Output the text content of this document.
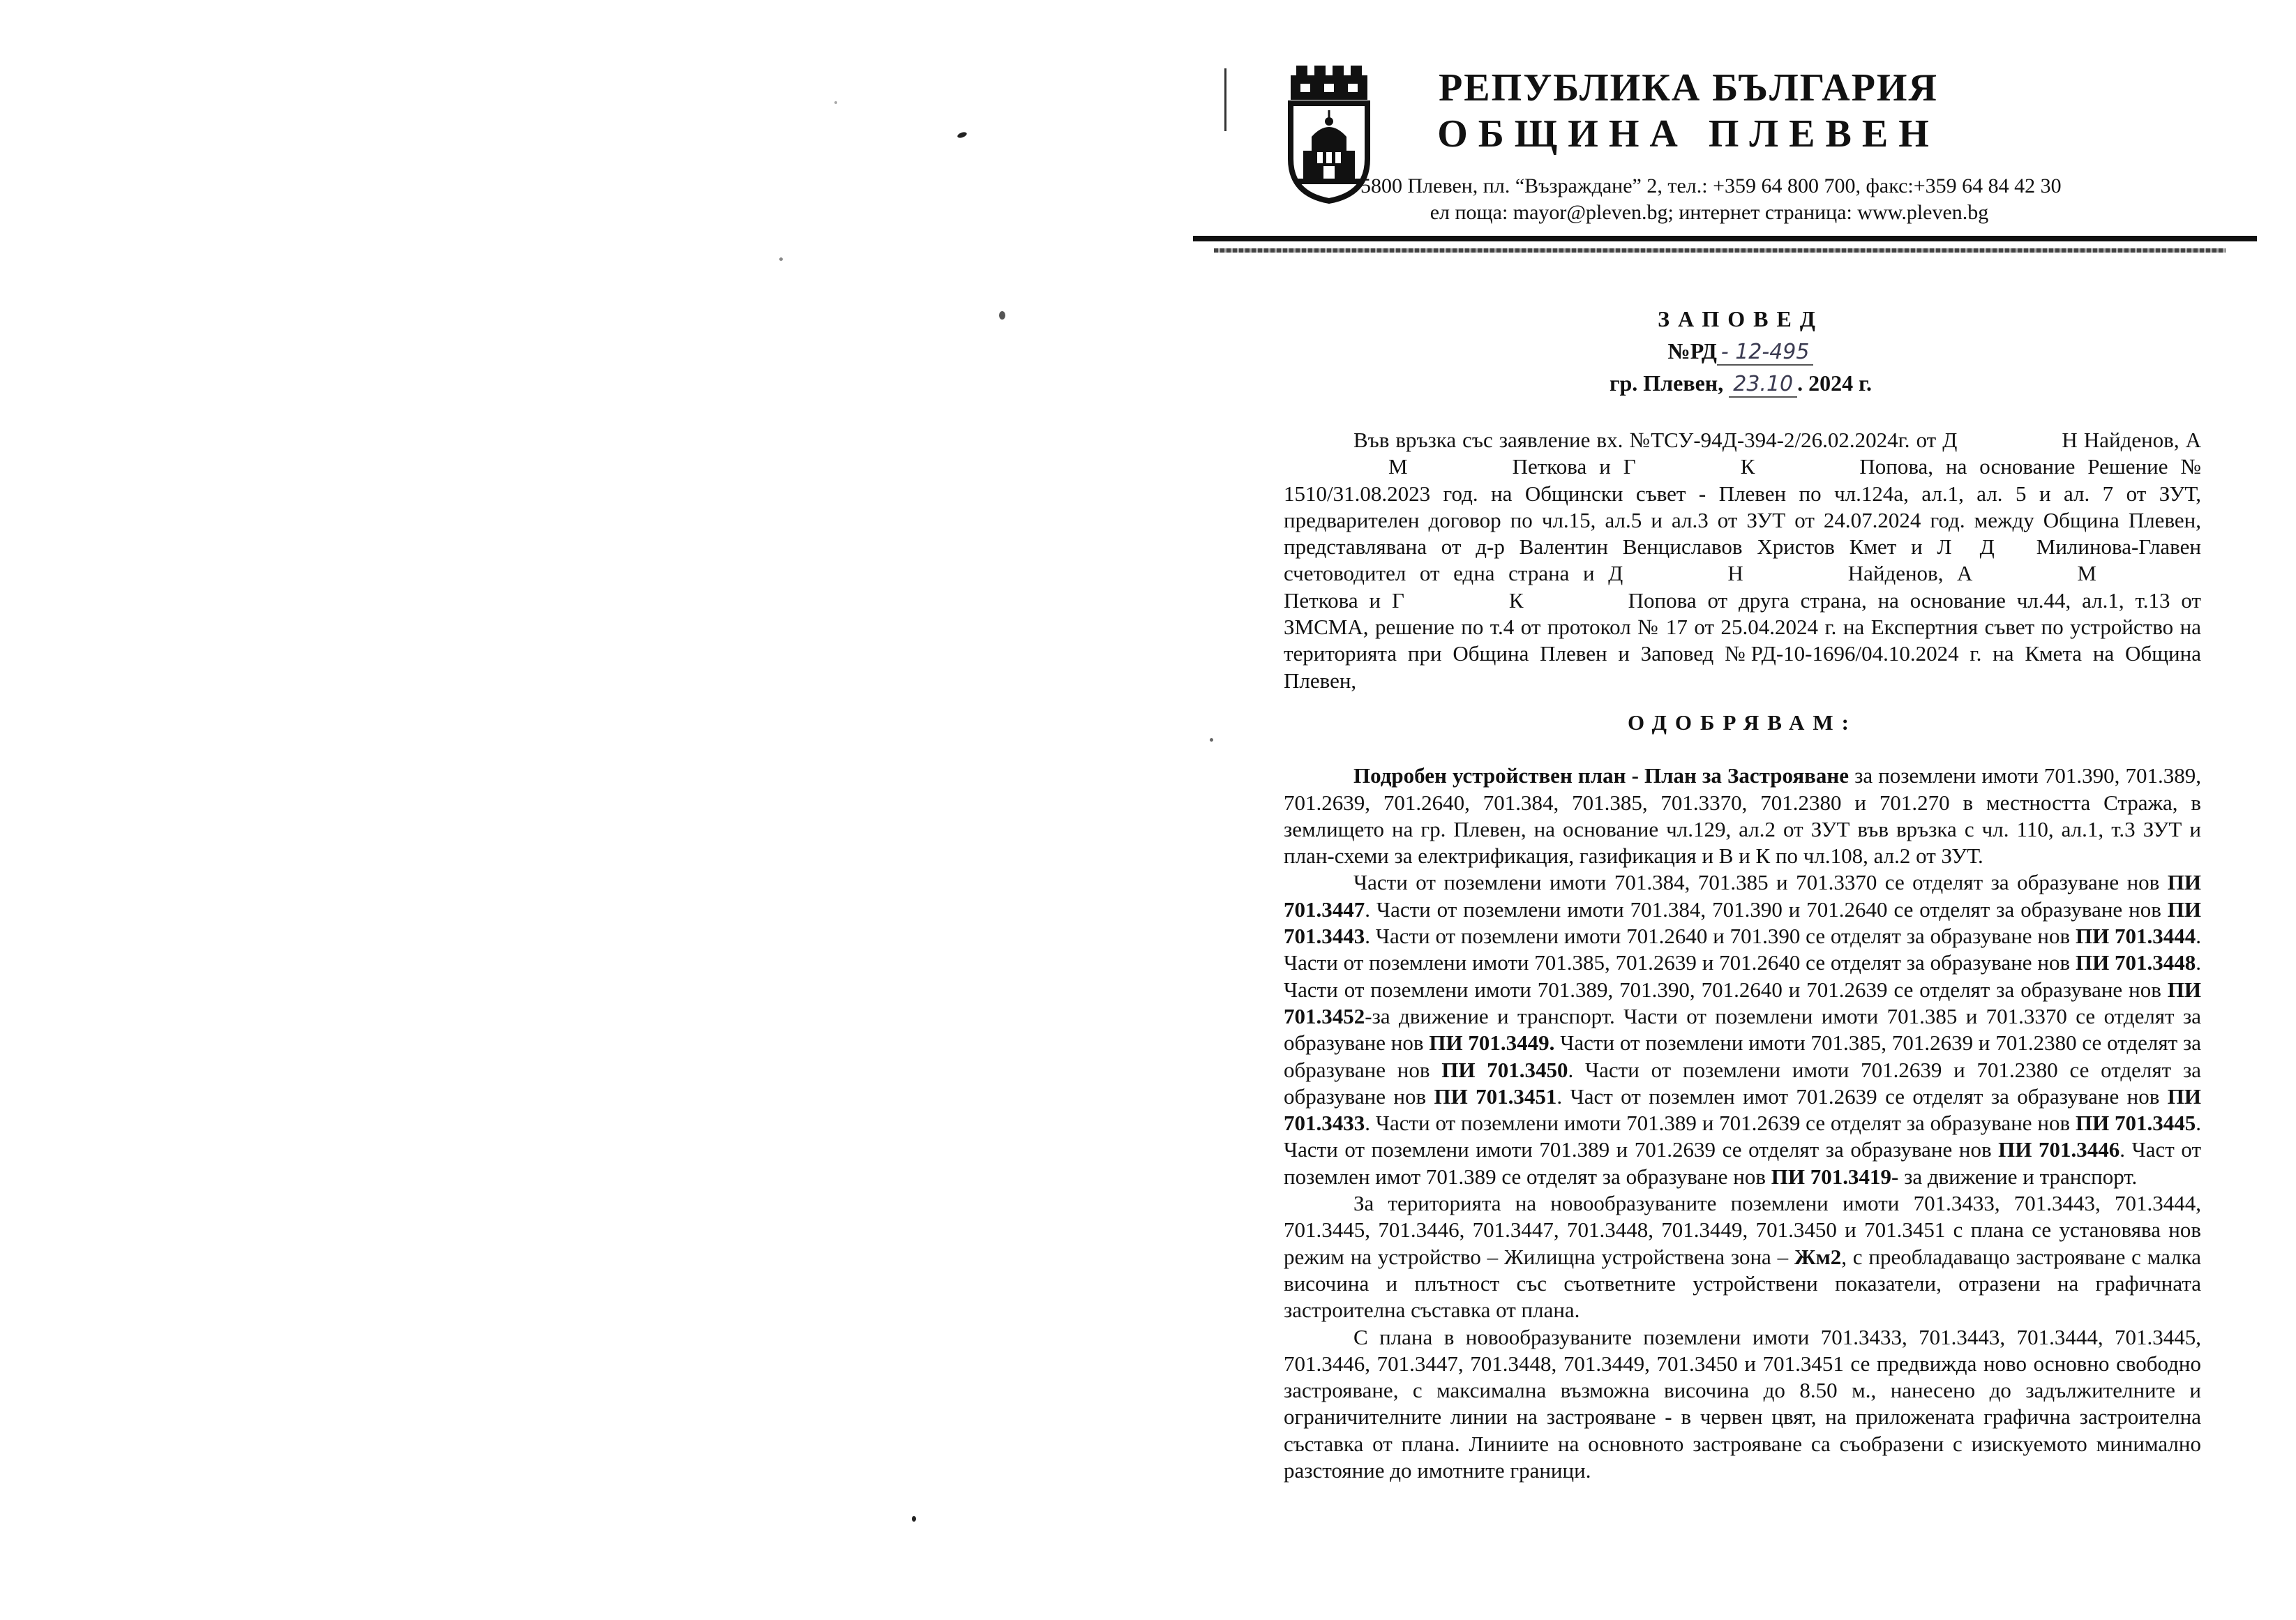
РЕПУБЛИКА БЪЛГАРИЯ
ОБЩИНА ПЛЕВЕН
5800 Плевен, пл. “Възраждане” 2, тел.: +359 64 800 700, факс:+359 64 84 42 30
ел поща: mayor@pleven.bg; интернет страница: www.pleven.bg
ЗАПОВЕД
№РД - 12-495
гр. Плевен, 23.10 . 2024 г.

Във връзка със заявление вх. №ТСУ-94Д-394-2/26.02.2024г. от Д	Н Найденов, АМ	Петкова и Г	К	Попова, на основание Решение № 1510/31.08.2023 год. на Общински съвет - Плевен по чл.124а, ал.1, ал. 5 и ал. 7 от ЗУТ, предварителен договор по чл.15, ал.5 и ал.3 от ЗУТ от 24.07.2024 год. между Община Плевен, представлявана от д-р Валентин Венциславов Христов Кмет и Л Д Милинова-Главен счетоводител от една страна и Д	Н	Найденов, А	МПеткова и Г	К	Попова от друга страна, на основание чл.44, ал.1, т.13 от ЗМСМА, решение по т.4 от протокол № 17 от 25.04.2024 г. на Експертния съвет по устройство на територията при Община Плевен и Заповед №РД-10-1696/04.10.2024 г. на Кмета на Община Плевен,

ОДОБРЯВАМ:

Подробен устройствен план - План за Застрояване за поземлени имоти 701.390, 701.389, 701.2639, 701.2640, 701.384, 701.385, 701.3370, 701.2380 и 701.270 в местността Стража, в землището на гр. Плевен, на основание чл.129, ал.2 от ЗУТ във връзка с чл. 110, ал.1, т.3 ЗУТ и план-схеми за електрификация, газификация и В и К по чл.108, ал.2 от ЗУТ.

Части от поземлени имоти 701.384, 701.385 и 701.3370 се отделят за образуване нов ПИ 701.3447. Части от поземлени имоти 701.384, 701.390 и 701.2640 се отделят за образуване нов ПИ 701.3443. Части от поземлени имоти 701.2640 и 701.390 се отделят за образуване нов ПИ 701.3444. Части от поземлени имоти 701.385, 701.2639 и 701.2640 се отделят за образуване нов ПИ 701.3448. Части от поземлени имоти 701.389, 701.390, 701.2640 и 701.2639 се отделят за образуване нов ПИ 701.3452-за движение и транспорт. Части от поземлени имоти 701.385 и 701.3370 се отделят за образуване нов ПИ 701.3449. Части от поземлени имоти 701.385, 701.2639 и 701.2380 се отделят за образуване нов ПИ 701.3450. Части от поземлени имоти 701.2639 и 701.2380 се отделят за образуване нов ПИ 701.3451. Част от поземлен имот 701.2639 се отделят за образуване нов ПИ 701.3433. Части от поземлени имоти 701.389 и 701.2639 се отделят за образуване нов ПИ 701.3445. Части от поземлени имоти 701.389 и 701.2639 се отделят за образуване нов ПИ 701.3446. Част от поземлен имот 701.389 се отделят за образуване нов ПИ 701.3419- за движение и транспорт.

За територията на новообразуваните поземлени имоти 701.3433, 701.3443, 701.3444, 701.3445, 701.3446, 701.3447, 701.3448, 701.3449, 701.3450 и 701.3451 с плана се установява нов режим на устройство – Жилищна устройствена зона – Жм2, с преобладаващо застрояване с малка височина и плътност със съответните устройствени показатели, отразени на графичната застроителна съставка от плана.

С плана в новообразуваните поземлени имоти 701.3433, 701.3443, 701.3444, 701.3445, 701.3446, 701.3447, 701.3448, 701.3449, 701.3450 и 701.3451 се предвижда ново основно свободно застрояване, с максимална възможна височина до 8.50 м., нанесено до задължителните и ограничителните линии на застрояване - в червен цвят, на приложената графична застроителна съставка от плана. Линиите на основното застрояване са съобразени с изискуемото минимално разстояние до имотните граници.
